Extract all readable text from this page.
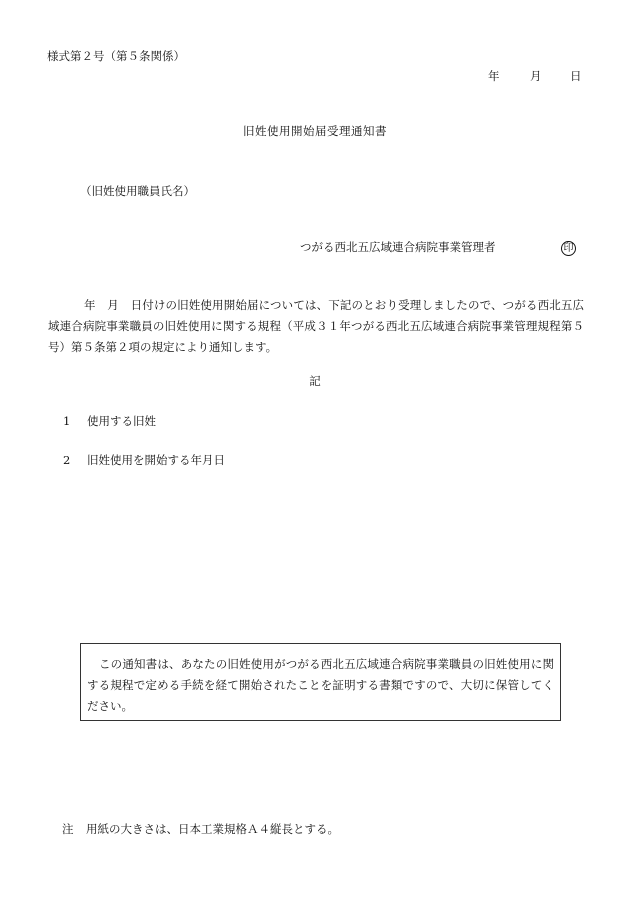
様式第２号（第５条関係）
年	月 日
旧姓使用開始届受理通知書
（旧姓使用職員氏名）
つがる西北五広域連合病院事業管理者	印
年　月　日付けの旧姓使用開始届については、下記のとおり受理しましたので、つがる西北五広域連合病院事業職員の旧姓使用に関する規程（平成３１年つがる西北五広域連合病院事業管理規程第５号）第５条第２項の規定により通知します。
記
1 使用する旧姓
2 旧姓使用を開始する年月日
この通知書は、あなたの旧姓使用がつがる西北五広域連合病院事業職員の旧姓使用に関する規程で定める手続を経て開始されたことを証明する書類ですので、大切に保管してください。
注 用紙の大きさは、日本工業規格Ａ４縦長とする。
